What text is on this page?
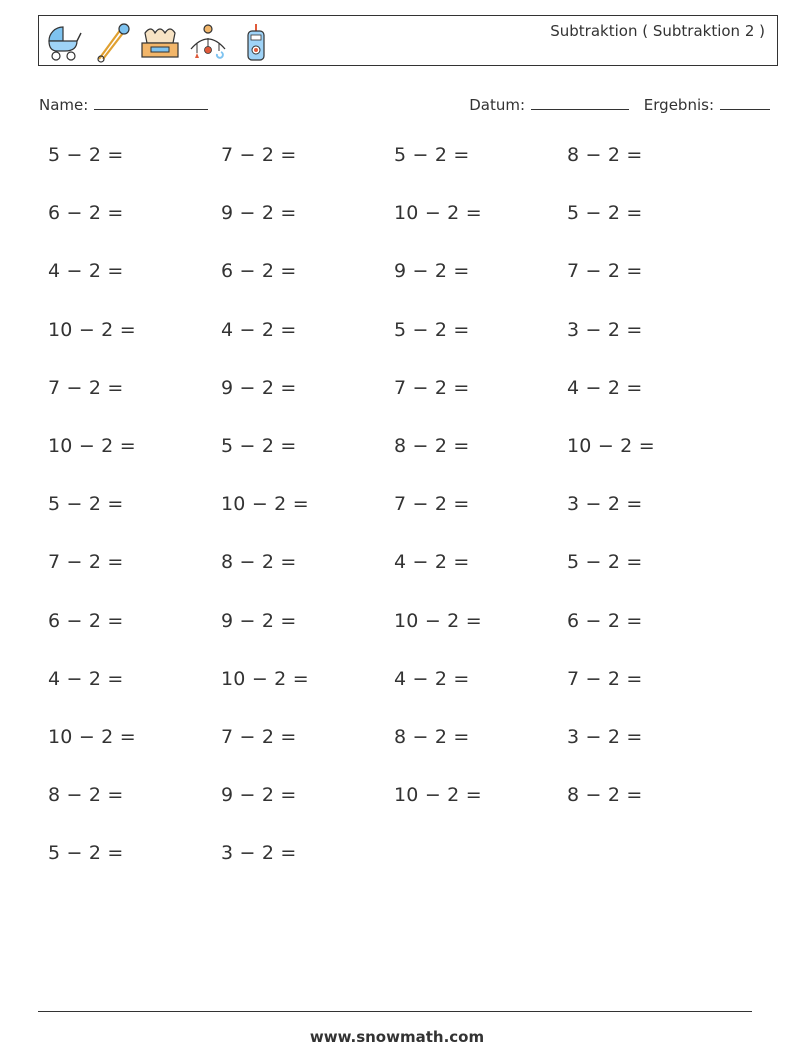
Subtraktion ( Subtraktion 2 )
Name:	Datum:	Ergebnis:
5 − 2 =	7 − 2 =	5 − 2 =	8 − 2 =
6 − 2 =	9 − 2 =	10 − 2 =	5 − 2 =
4 − 2 =	6 − 2 =	9 − 2 =	7 − 2 =
10 − 2 =	4 − 2 =	5 − 2 =	3 − 2 =
7 − 2 =	9 − 2 =	7 − 2 =	4 − 2 =
10 − 2 =	5 − 2 =	8 − 2 =	10 − 2 =
5 − 2 =	10 − 2 =	7 − 2 =	3 − 2 =
7 − 2 =	8 − 2 =	4 − 2 =	5 − 2 =
6 − 2 =	9 − 2 =	10 − 2 =	6 − 2 =
4 − 2 =	10 − 2 =	4 − 2 =	7 − 2 =
10 − 2 =	7 − 2 =	8 − 2 =	3 − 2 =
8 − 2 =	9 − 2 =	10 − 2 =	8 − 2 =
5 − 2 =	3 − 2 =
www.snowmath.com
